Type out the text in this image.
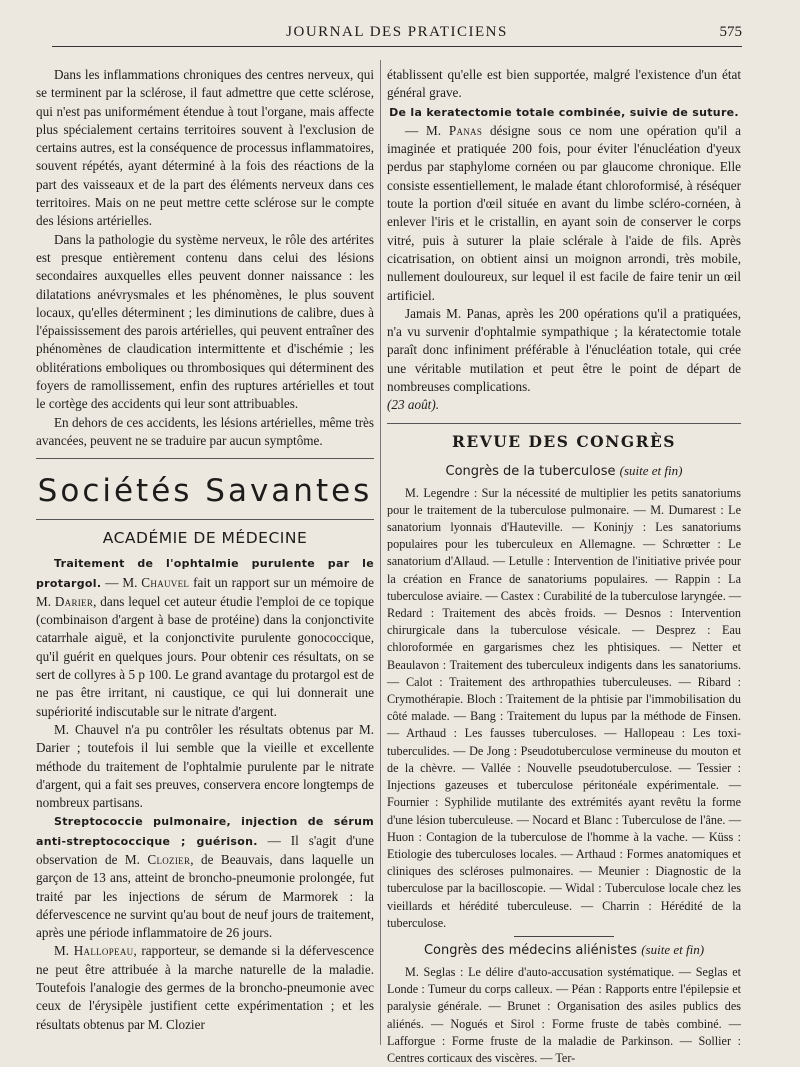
JOURNAL DES PRATICIENS	575

Dans les inflammations chroniques des centres nerveux, qui se terminent par la sclérose, il faut admettre que cette sclérose, qui n'est pas uniformément étendue à tout l'organe, mais affecte plus spécialement certains territoires souvent à l'exclusion de certains autres, est la conséquence de processus inflammatoires, souvent répétés, ayant déterminé à la fois des réactions de la part des vaisseaux et de la part des éléments nerveux dans ces territoires. Mais on ne peut mettre cette sclérose sur le compte des lésions artérielles.

Dans la pathologie du système nerveux, le rôle des artérites est presque entièrement contenu dans celui des lésions secondaires auxquelles elles peuvent donner naissance : les dilatations anévrysmales et les phénomènes, le plus souvent locaux, qu'elles déterminent ; les diminutions de calibre, dues à l'épaississement des parois artérielles, qui peuvent entraîner des phénomènes de claudication intermittente et d'ischémie ; les oblitérations emboliques ou thrombosiques qui déterminent des foyers de ramollissement, enfin des ruptures artérielles et tout le cortège des accidents qui leur sont attribuables.

En dehors de ces accidents, les lésions artérielles, même très avancées, peuvent ne se traduire par aucun symptôme.

Sociétés Savantes
ACADÉMIE DE MÉDECINE

Traitement de l'ophtalmie purulente par le protargol. — M. Chauvel fait un rapport sur un mémoire de M. Darier, dans lequel cet auteur étudie l'emploi de ce topique (combinaison d'argent à base de protéine) dans la conjonctivite catarrhale aiguë, et la conjonctivite purulente gonococcique, qu'il guérit en quelques jours. Pour obtenir ces résultats, on se sert de collyres à 5 p 100. Le grand avantage du protargol est de ne pas être irritant, ni caustique, ce qui lui donnerait une supériorité indiscutable sur le nitrate d'argent.

M. Chauvel n'a pu contrôler les résultats obtenus par M. Darier ; toutefois il lui semble que la vieille et excellente méthode du traitement de l'ophtalmie purulente par le nitrate d'argent, qui a fait ses preuves, conservera encore longtemps de nombreux partisans.

Streptococcie pulmonaire, injection de sérum anti-streptococcique ; guérison. — Il s'agit d'une observation de M. Clozier, de Beauvais, dans laquelle un garçon de 13 ans, atteint de broncho-pneumonie prolongée, fut traité par les injections de sérum de Marmorek : la défervescence ne survint qu'au bout de neuf jours de traitement, après une période inflammatoire de 26 jours.

M. Hallopeau, rapporteur, se demande si la défervescence ne peut être attribuée à la marche naturelle de la maladie. Toutefois l'analogie des germes de la broncho-pneumonie avec ceux de l'érysipèle justifient cette expérimentation ; et les résultats obtenus par M. Clozier

établissent qu'elle est bien supportée, malgré l'existence d'un état général grave.

De la keratectomie totale combinée, suivie de suture.

— M. Panas désigne sous ce nom une opération qu'il a imaginée et pratiquée 200 fois, pour éviter l'énucléation d'yeux perdus par staphylome cornéen ou par glaucome chronique. Elle consiste essentiellement, le malade étant chloroformisé, à réséquer toute la portion d'œil située en avant du limbe scléro-cornéen, à enlever l'iris et le cristallin, en ayant soin de conserver le corps vitré, puis à suturer la plaie sclérale à l'aide de fils. Après cicatrisation, on obtient ainsi un moignon arrondi, très mobile, nullement douloureux, sur lequel il est facile de faire tenir un œil artificiel.

Jamais M. Panas, après les 200 opérations qu'il a pratiquées, n'a vu survenir d'ophtalmie sympathique ; la kératectomie totale paraît donc infiniment préférable à l'énucléation totale, qui crée une véritable mutilation et peut être le point de départ de nombreuses complications.

(23 août).

REVUE DES CONGRÈS
Congrès de la tuberculose (suite et fin)

M. Legendre : Sur la nécessité de multiplier les petits sanatoriums pour le traitement de la tuberculose pulmonaire. — M. Dumarest : Le sanatorium lyonnais d'Hauteville. — Koninjy : Les sanatoriums populaires pour les tuberculeux en Allemagne. — Schrœtter : Le sanatorium d'Allaud. — Letulle : Intervention de l'initiative privée pour la création en France de sanatoriums populaires. — Rappin : La tuberculose aviaire. — Castex : Curabilité de la tuberculose laryngée. — Redard : Traitement des abcès froids. — Desnos : Intervention chirurgicale dans la tuberculose vésicale. — Desprez : Eau chloroformée en gargarismes chez les phtisiques. — Netter et Beaulavon : Traitement des tuberculeux indigents dans les sanatoriums. — Calot : Traitement des arthropathies tuberculeuses. — Ribard : Crymothérapie. Bloch : Traitement de la phtisie par l'immobilisation du côté malade. — Bang : Traitement du lupus par la méthode de Finsen. — Arthaud : Les fausses tuberculoses. — Hallopeau : Les toxi-tuberculides. — De Jong : Pseudotuberculose vermineuse du mouton et de la chèvre. — Vallée : Nouvelle pseudotuberculose. — Tessier : Injections gazeuses et tuberculose péritonéale expérimentale. — Fournier : Syphilide mutilante des extrémités ayant revêtu la forme d'une lésion tuberculeuse. — Nocard et Blanc : Tuberculose de l'âne. — Huon : Contagion de la tuberculose de l'homme à la vache. — Küss : Etiologie des tuberculoses locales. — Arthaud : Formes anatomiques et cliniques des scléroses pulmonaires. — Meunier : Diagnostic de la tuberculose par la bacilloscopie. — Widal : Tuberculose locale chez les vieillards et hérédité tuberculeuse. — Charrin : Hérédité de la tuberculose.

Congrès des médecins aliénistes (suite et fin)

M. Seglas : Le délire d'auto-accusation systématique. — Seglas et Londe : Tumeur du corps calleux. — Péan : Rapports entre l'épilepsie et paralysie générale. — Brunet : Organisation des asiles publics des aliénés. — Nogués et Sirol : Forme fruste de tabès combiné. — Lafforgue : Forme fruste de la maladie de Parkinson. — Sollier : Centres corticaux des viscères. — Ter-
